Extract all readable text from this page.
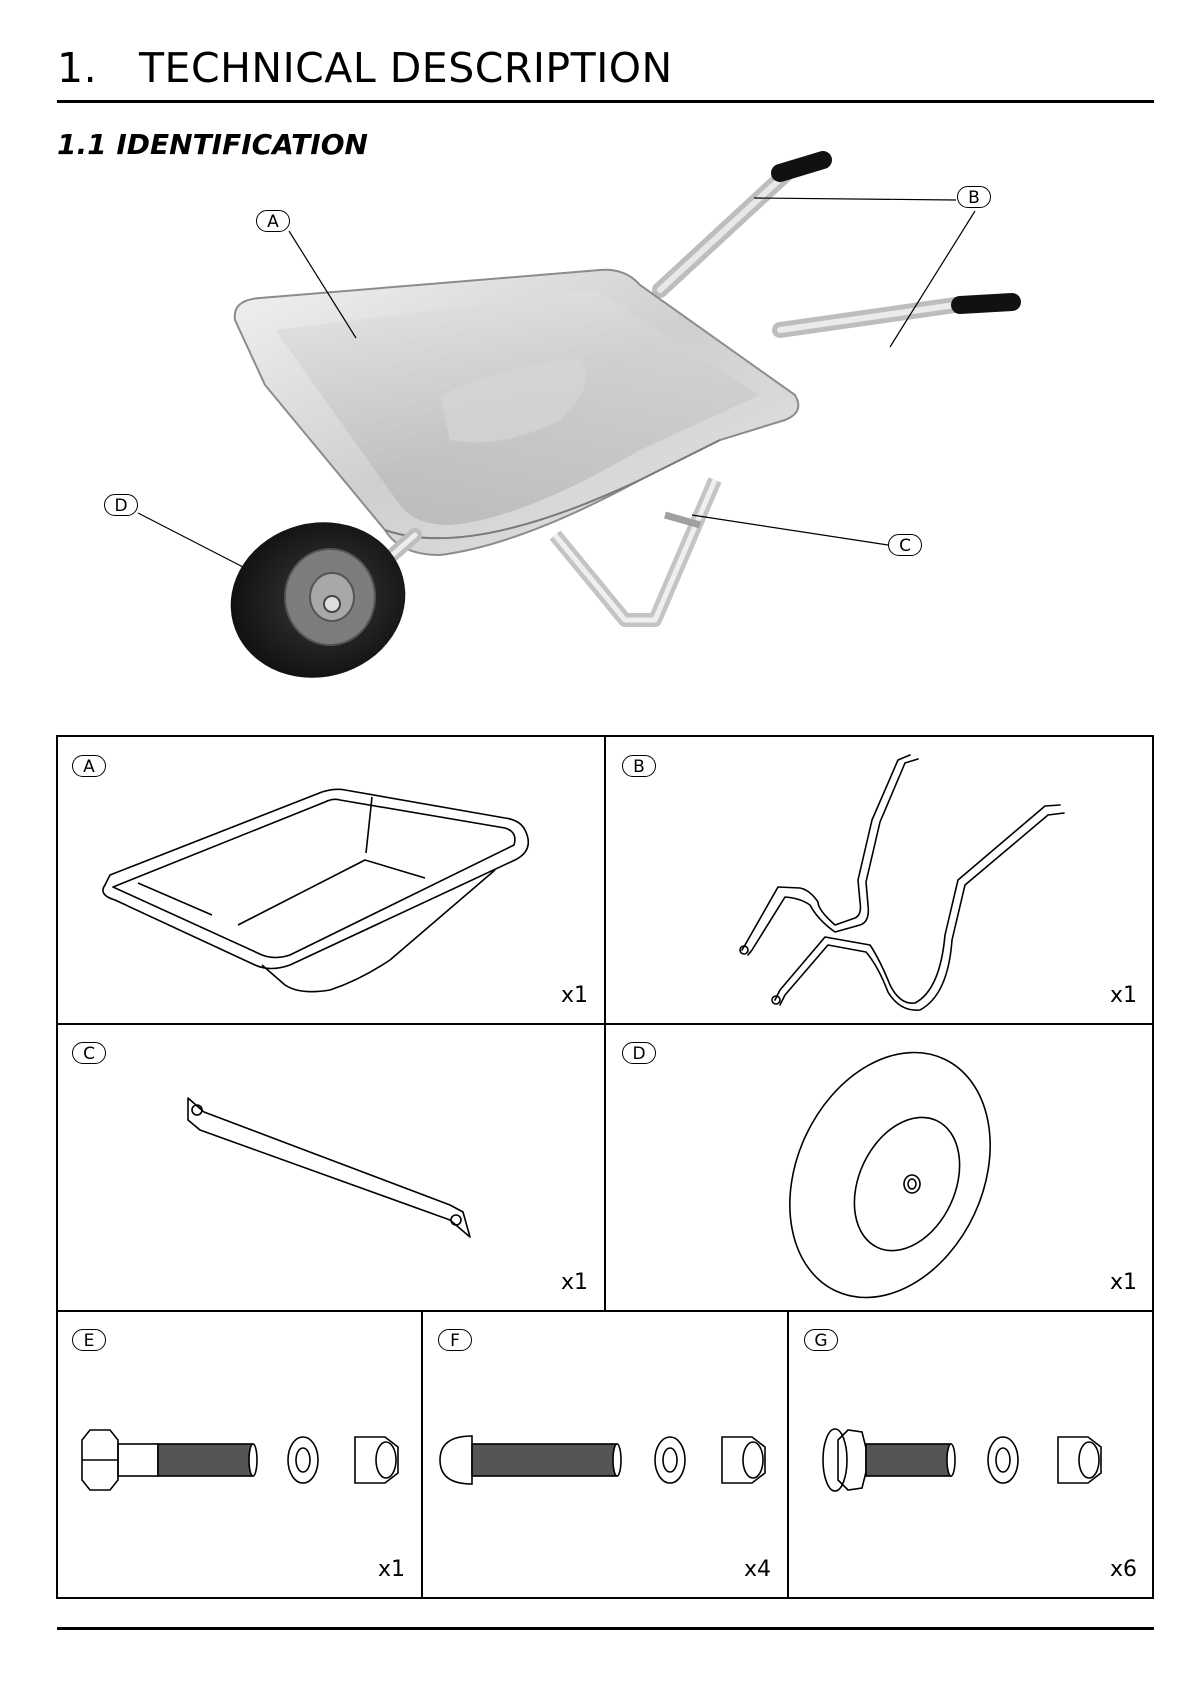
1. TECHNICAL DESCRIPTION
1.1 IDENTIFICATION
A
B
C
D
A	B
C	D
E	F	G
x1	x1
x1	x1
x1	x4	x6
